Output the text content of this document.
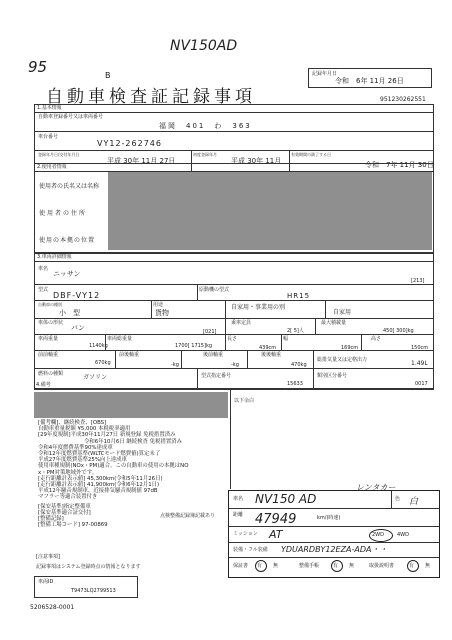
NV150AD
95	B
自動車検査証記録事項
記録年月日
令和　6年 11月 26日
951230262551
1.基本情報
自動車登録番号又は車両番号
福岡　401　わ　363
車台番号
VY12-262746
登録年月日/交付年月日
平成 30年 11月 27日
初度登録年月
平成 30年 11月
有効期間の満了する日
令和　7年 11月 30日
2.使用者情報
使用者の氏名又は名称
使用者の住所
使用の本拠の位置
3.車両詳細情報
車名
ニッサン
[213]
型式
DBF-VY12
原動機の型式
HR15
自動車の種別
小　型
用途
貨物
自家用・事業用の別
自家用
車体の形状
バン	[021]
乗車定員
2[ 5]人
最大積載量
450[ 300]kg
車両重量
1140kg
車両総重量
1700[ 1715]kg
長さ
439cm
幅
169cm
高さ
150cm
前前軸重
670kg
前後軸重
-kg
後前軸重
-kg
後後軸重
470kg
総排気量又は定格出力	1.49L
燃料の種類	ガソリン	型式指定番号
15633
類別区分番号
0017
4.備考
以下余白
[備考欄]、継続検査、[OBS]
自動車重量税額 ¥5,000 本税税率適用
[29年度規制]平成30年11月27日 新規登録 免税措置済み
令和6年10月6日 継続検査 免税措置済み
令和4年度燃費基準90%達成車
令和12年度燃費基準(WLTCモード燃費値)算定未了
平成27年度燃費基準25%向上達成車
使用車種規制(NOx・PM)適合。この自動車の使用の本拠はNO
x・PM対策地域外です。
[走行距離計表示値] 45,300km(令和5年11月26日)
[走行距離計表示値] 41,900km(令和6年12月1日)
平成12年騒音規制車、近接排気騒音規制値 97dB
マフラー等適合装置付き
[保安基準]指定整備車
[保安基準適合証交付]
[整備記録]
[整備工場コード] 97-00869
点検整備記録簿記載あり
[注意事項]
記録事項はシステム登録時点の情報となります
車両ID
T9473LQ2799513
5206528-0001
レンタカー
車名 NV150 AD	色 白
距離 47949	km/(時速)
ミッション AT	2WD	4WD
装備・フル装備 YDUARDBY12EZA-ADA・・
保証書 有 無	整備手帳	有 無	取扱説明書	有 無
